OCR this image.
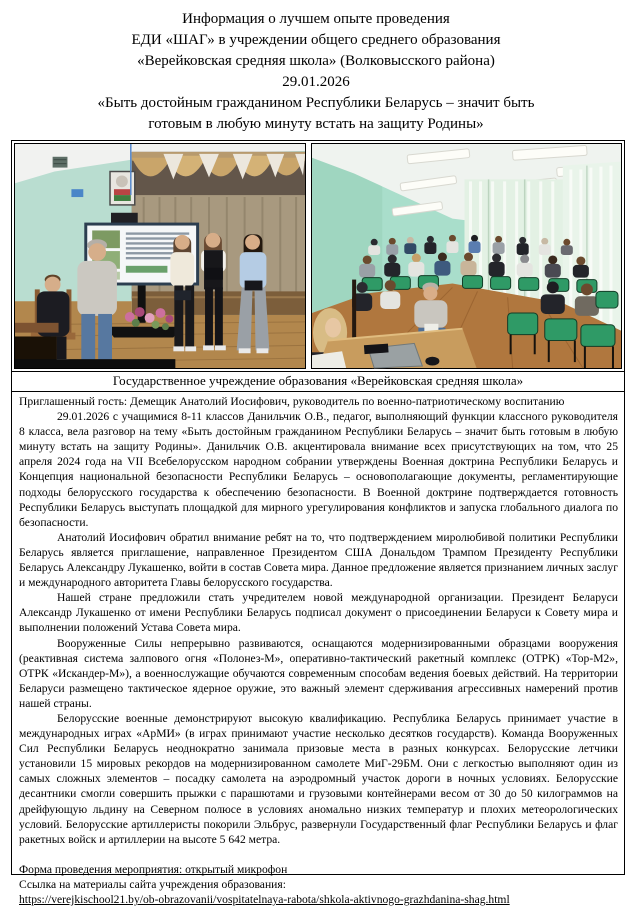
Информация о лучшем опыте проведения
ЕДИ «ШАГ» в учреждении общего среднего образования
«Верейковская средняя школа» (Волковысского района)
29.01.2026
«Быть достойным гражданином Республики Беларусь – значит быть
готовым в любую минуту встать на защиту Родины»
Государственное учреждение образования «Верейковская средняя школа»

Приглашенный гость: Демещик Анатолий Иосифович, руководитель по военно-патриотическому воспитанию

29.01.2026 с учащимися 8-11 классов Данильчик О.В., педагог, выполняющий функции классного руководителя 8 класса, вела разговор на тему «Быть достойным гражданином Республики Беларусь – значит быть готовым в любую минуту встать на защиту Родины». Данильчик О.В. акцентировала внимание всех присутствующих на том, что 25 апреля 2024 года на VII Всебелорусском народном собрании утверждены Военная доктрина Республики Беларусь и Концепция национальной безопасности Республики Беларусь – основополагающие документы, регламентирующие подходы белорусского государства к обеспечению безопасности. В Военной доктрине подтверждается готовность Республики Беларусь выступать площадкой для мирного урегулирования конфликтов и запуска глобального диалога по безопасности.

Анатолий Иосифович обратил внимание ребят на то, что подтверждением миролюбивой политики Республики Беларусь является приглашение, направленное Президентом США Дональдом Трампом Президенту Республики Беларусь Александру Лукашенко, войти в состав Совета мира. Данное предложение является признанием личных заслуг и международного авторитета Главы белорусского государства.

Нашей стране предложили стать учредителем новой международной организации. Президент Беларуси Александр Лукашенко от имени Республики Беларусь подписал документ о присоединении Беларуси к Совету мира и выполнении положений Устава Совета мира.

Вооруженные Силы непрерывно развиваются, оснащаются модернизированными образцами вооружения (реактивная система залпового огня «Полонез-М», оперативно-тактический ракетный комплекс (ОТРК) «Тор-М2», ОТРК «Искандер-М»), а военнослужащие обучаются современным способам ведения боевых действий. На территории Беларуси размещено тактическое ядерное оружие, это важный элемент сдерживания агрессивных намерений против нашей страны.

Белорусские военные демонстрируют высокую квалификацию. Республика Беларусь принимает участие в международных играх «АрМИ» (в играх принимают участие несколько десятков государств). Команда Вооруженных Сил Республики Беларусь неоднократно занимала призовые места в разных конкурсах. Белорусские летчики установили 15 мировых рекордов на модернизированном самолете МиГ-29БМ. Они с легкостью выполняют один из самых сложных элементов – посадку самолета на аэродромный участок дороги в ночных условиях. Белорусские десантники смогли совершить прыжки с парашютами и грузовыми контейнерами весом от 30 до 50 килограммов на дрейфующую льдину на Северном полюсе в условиях аномально низких температур и плохих метеорологических условий. Белорусские артиллеристы покорили Эльбрус, развернули Государственный флаг Республики Беларусь и флаг ракетных войск и артиллерии на высоте 5 642 метра.

Форма проведения мероприятия: открытый микрофон

Ссылка на материалы сайта учреждения образования:

https://verejkischool21.by/ob-obrazovanii/vospitatelnaya-rabota/shkola-aktivnogo-grazhdanina-shag.html
